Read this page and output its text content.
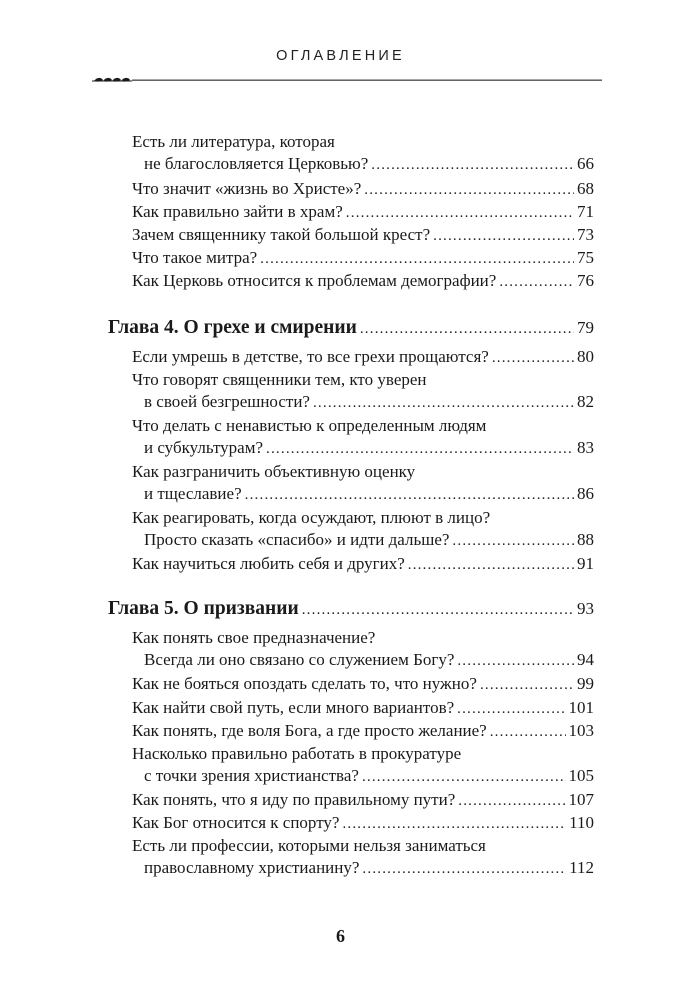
ОГЛАВЛЕНИЕ
Есть ли литература, которая
не благословляется Церковью? .....	66
Что значит «жизнь во Христе»? .....	68
Как правильно зайти в храм? .....	71
Зачем священнику такой большой крест? .....	73
Что такое митра? .....	75
Как Церковь относится к проблемам демографии? .....	76
Глава 4. О грехе и смирении .....	79
Если умрешь в детстве, то все грехи прощаются? .....	80
Что говорят священники тем, кто уверен
в своей безгрешности? .....	82
Что делать с ненавистью к определенным людям
и субкультурам? .....	83
Как разграничить объективную оценку
и тщеславие? .....	86
Как реагировать, когда осуждают, плюют в лицо?
Просто сказать «спасибо» и идти дальше? .....	88
Как научиться любить себя и других? .....	91
Глава 5. О призвании .....	93
Как понять свое предназначение?
Всегда ли оно связано со служением Богу? .....	94
Как не бояться опоздать сделать то, что нужно? .....	99
Как найти свой путь, если много вариантов? .....	101
Как понять, где воля Бога, а где просто желание? .....	103
Насколько правильно работать в прокуратуре
с точки зрения христианства? .....	105
Как понять, что я иду по правильному пути? .....	107
Как Бог относится к спорту? .....	110
Есть ли профессии, которыми нельзя заниматься
православному христианину? .....	112
6
